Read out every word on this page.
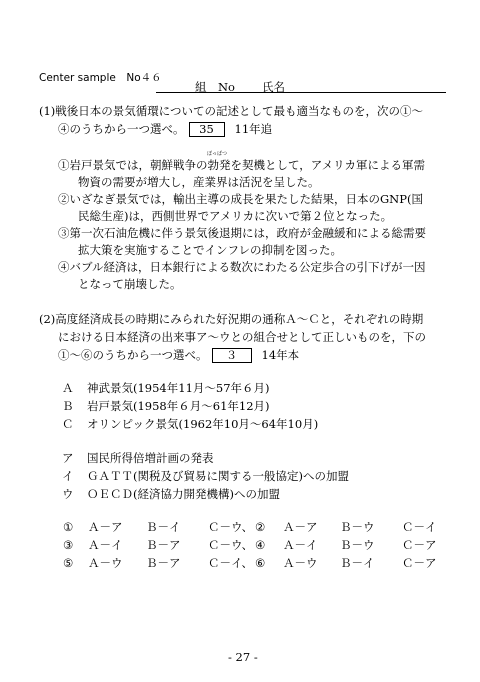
Center sample　No４６
組　No 氏名
(1)戦後日本の景気循環についての記述として最も適当なものを，次の①～
④のうちから一つ選べ。 35 11年追
ぼっぱつ
①岩戸景気では，朝鮮戦争の勃発を契機として，アメリカ軍による軍需
物資の需要が増大し，産業界は活況を呈した。
②いざなぎ景気では，輸出主導の成長を果たした結果，日本のGNP(国
民総生産)は，西側世界でアメリカに次いで第２位となった。
③第一次石油危機に伴う景気後退期には，政府が金融緩和による総需要
拡大策を実施することでインフレの抑制を図った。
④バブル経済は，日本銀行による数次にわたる公定歩合の引下げが一因
となって崩壊した。
(2)高度経済成長の時期にみられた好況期の通称Ａ～Ｃと，それぞれの時期
における日本経済の出来事ア～ウとの組合せとして正しいものを，下の
①～⑥のうちから一つ選べ。 ３ 14年本
Ａ 神武景気(1954年11月～57年６月)
Ｂ 岩戸景気(1958年６月～61年12月)
Ｃ オリンピック景気(1962年10月～64年10月)
ア 国民所得倍増計画の発表
イ ＧＡＴＴ(関税及び貿易に関する一般協定)への加盟
ウ ＯＥＣＤ(経済協力開発機構)への加盟
① Ａ－ア Ｂ－イ Ｃ－ウ、 ② Ａ－ア Ｂ－ウ Ｃ－イ
③ Ａ－イ Ｂ－ア Ｃ－ウ、 ④ Ａ－イ Ｂ－ウ Ｃ－ア
⑤ Ａ－ウ Ｂ－ア Ｃ－イ、 ⑥ Ａ－ウ Ｂ－イ Ｃ－ア
- 27 -
